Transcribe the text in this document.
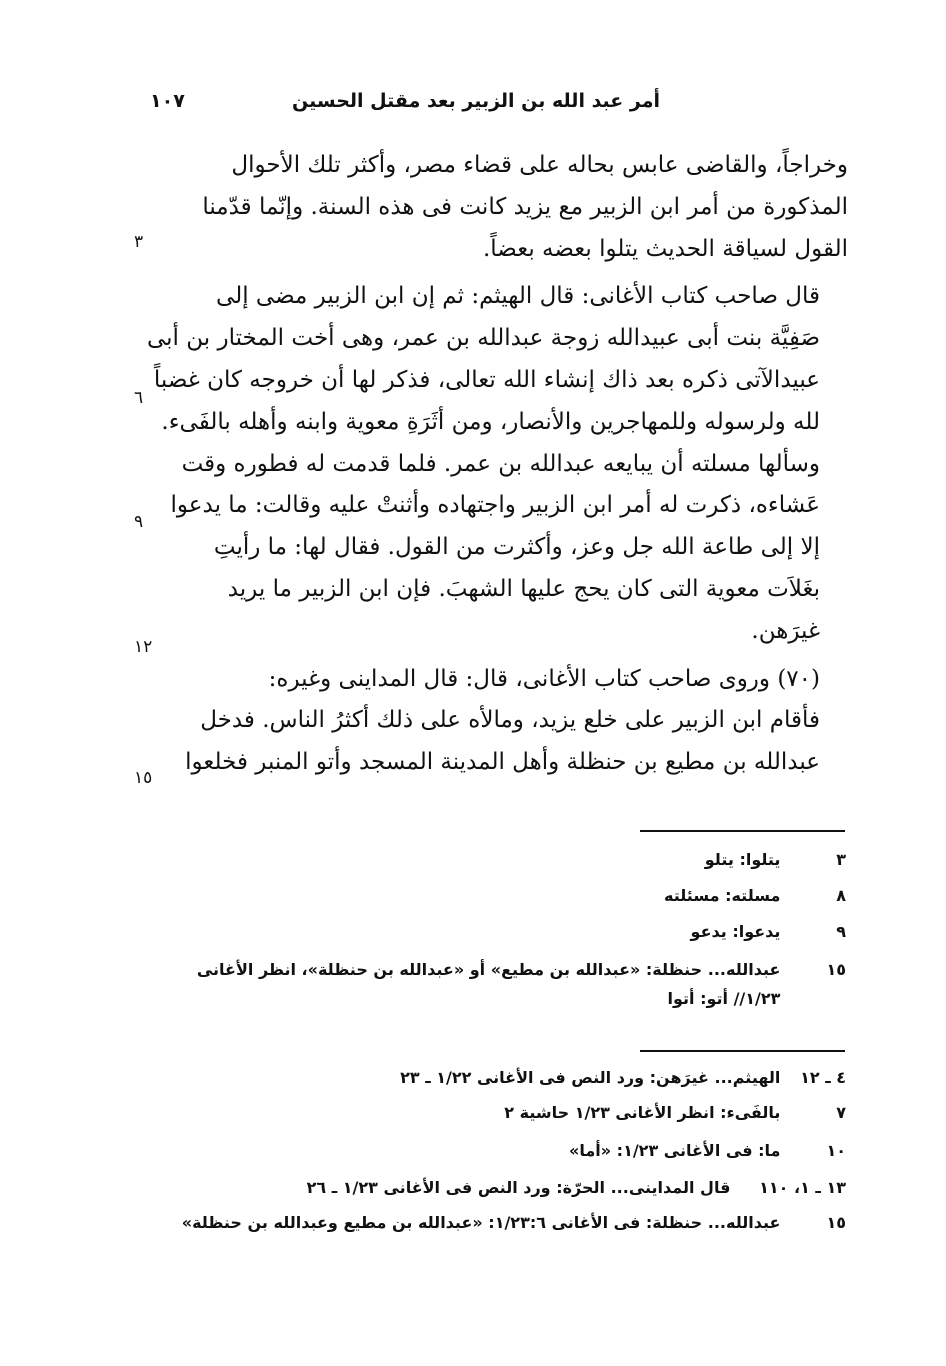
أمر عبد الله بن الزبير بعد مقتل الحسين
١٠٧

وخراجاً، والقاضى عابس بحاله على قضاء مصر، وأكثر تلك الأحوال
المذكورة من أمر ابن الزبير مع يزيد كانت فى هذه السنة. وإنّما قدّمنا
القول لسياقة الحديث يتلوا بعضه بعضاً.

قال صاحب كتاب الأغانى: قال الهيثم: ثم إن ابن الزبير مضى إلى
صَفِيَّة بنت أبى عبيدالله زوجة عبدالله بن عمر، وهى أخت المختار بن أبى
عبيدالآتى ذكره بعد ذاك إنشاء الله تعالى، فذكر لها أن خروجه كان غضباً
لله ولرسوله وللمهاجرين والأنصار، ومن أثَرَةِ معوية وابنه وأهله بالفَىء.
وسألها مسلته أن يبايعه عبدالله بن عمر. فلما قدمت له فطوره وقت
عَشاءه، ذكرت له أمر ابن الزبير واجتهاده وأثنتْ عليه وقالت: ما يدعوا
إلا إلى طاعة الله جل وعز، وأكثرت من القول. فقال لها: ما رأيتِ
بغَلاَت معوية التى كان يحج عليها الشهبَ. فإن ابن الزبير ما يريد
غيرَهن.

(٧٠) وروى صاحب كتاب الأغانى، قال: قال المداينى وغيره:
فأقام ابن الزبير على خلع يزيد، ومالأه على ذلك أكثرُ الناس. فدخل
عبدالله بن مطيع بن حنظلة وأهل المدينة المسجد وأتو المنبر فخلعوا

٣
٦
٩
١٢
١٥
٣ يتلوا: يتلو
٨ مسلته: مسئلته
٩ يدعوا: يدعو
١٥ عبدالله... حنظلة: «عبدالله بن مطيع» أو «عبدالله بن حنظلة»، انظر الأغانى ١/٢٣// أتو: أتوا
٤ ـ ١٢ الهيثم... غيرَهن: ورد النص فى الأغانى ١/٢٢ ـ ٢٣
٧ بالفَىء: انظر الأغانى ١/٢٣ حاشية ٢
١٠ ما: فى الأغانى ١/٢٣: «أما»
١٣ ـ ١، ١١٠ قال المداينى... الحرّة: ورد النص فى الأغانى ١/٢٣ ـ ٢٦
١٥ عبدالله... حنظلة: فى الأغانى ١/٢٣:٦: «عبدالله بن مطيع وعبدالله بن حنظلة»
